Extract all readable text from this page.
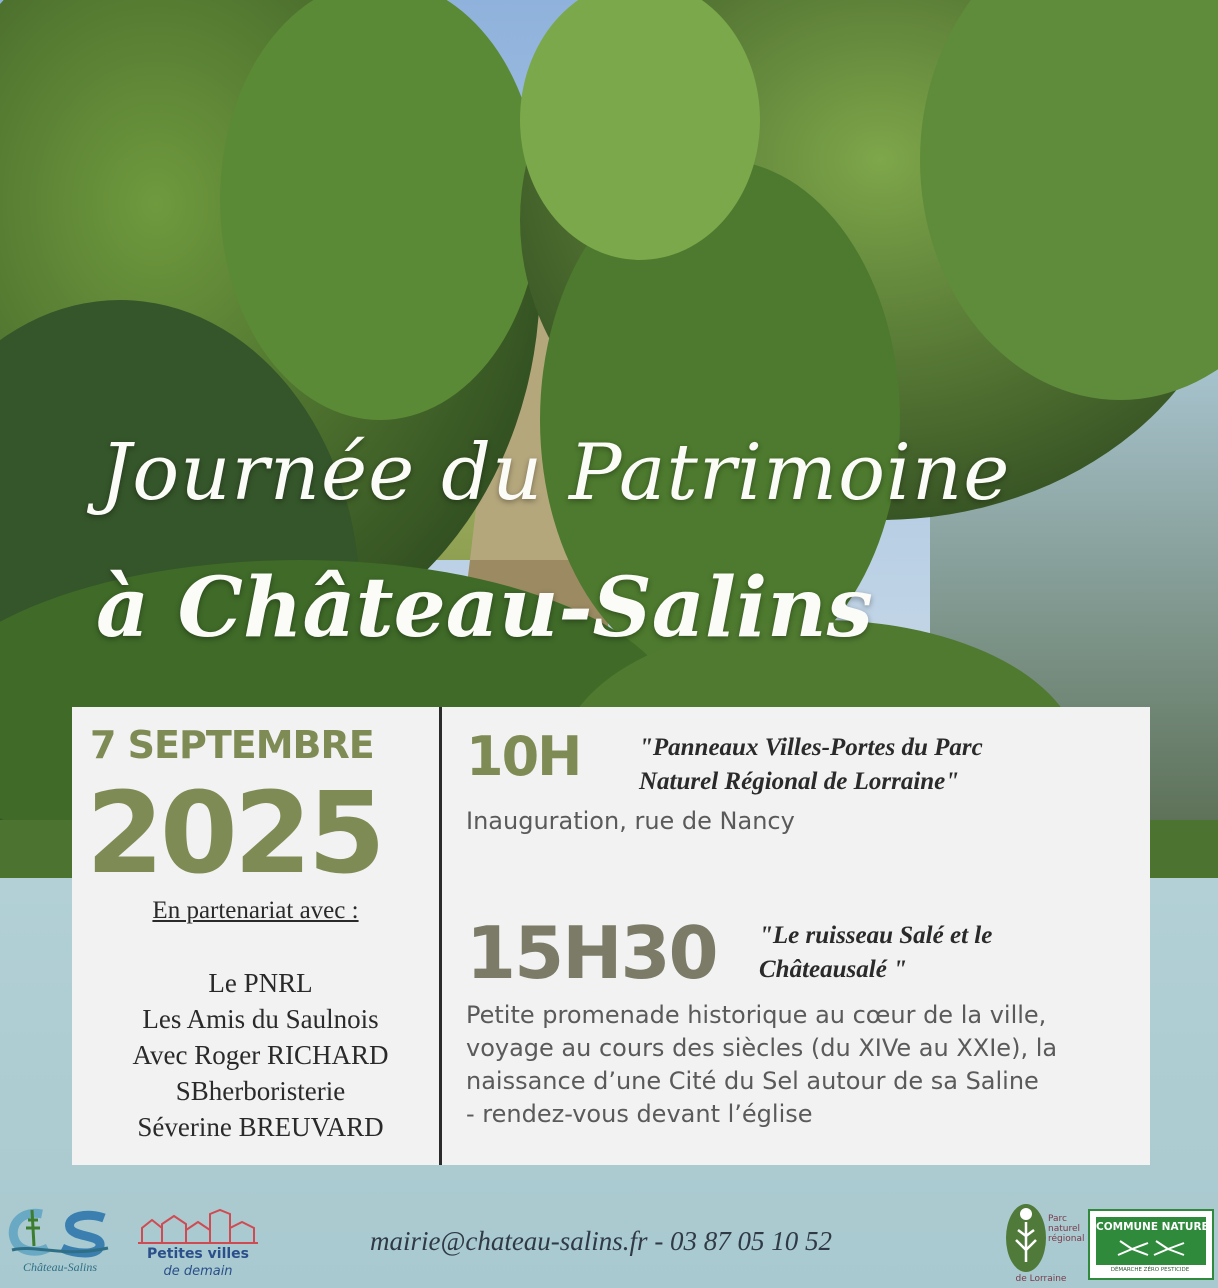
Journée du Patrimoine
à Château-Salins
7 SEPTEMBRE
2025
En partenariat avec :
Le PNRL
Les Amis du Saulnois
Avec Roger RICHARD
SBherboristerie
Séverine BREUVARD
10H "Panneaux Villes-Portes du Parc
Naturel Régional de Lorraine"
Inauguration, rue de Nancy
15H30 "Le ruisseau Salé et le
Châteausalé "
Petite promenade historique au cœur de la ville,
voyage au cours des siècles (du XIVe au XXIe), la
naissance d’une Cité du Sel autour de sa Saline
- rendez-vous devant l’église
Château-Salins
Petites villes
de demain
mairie@chateau-salins.fr - 03 87 05 10 52
Parc
naturel
régional
de Lorraine
COMMUNE NATURE
DÉMARCHE ZÉRO PESTICIDE
